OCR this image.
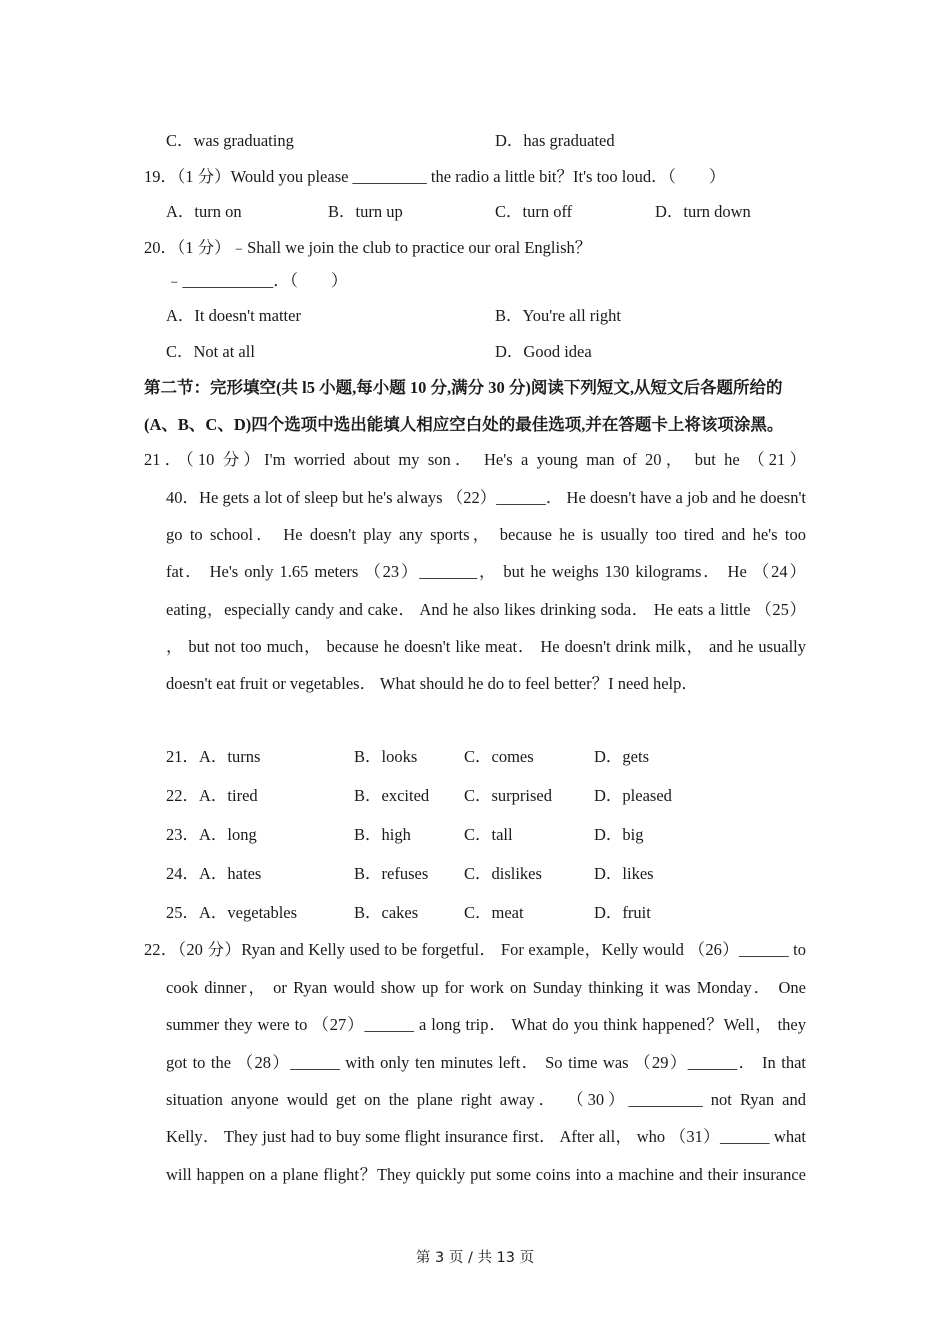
C．was graduating	D．has graduated
19．（1 分）Would you please _________ the radio a little bit？It's too loud．（　　）
A．turn on	B．turn up	C．turn off	D．turn down
20．（1 分）﹣Shall we join the club to practice our oral English？
﹣___________．（　　）
A．It doesn't matter	B．You're all right
C．Not at all	D．Good idea
第二节：完形填空(共 l5 小题,每小题 10 分,满分 30 分)阅读下列短文,从短文后各题所给的
(A、B、C、D)四个选项中选出能填人相应空白处的最佳选项,并在答题卡上将该项涂黑。
21．（10 分）I'm worried about my son． He's a young man of 20， but he （21）
40．He gets a lot of sleep but he's always （22）______． He doesn't have a job and he doesn't
go to school． He doesn't play any sports， because he is usually too tired and he's too
fat． He's only 1.65 meters （23）_______， but he weighs 130 kilograms． He （24）
eating，especially candy and cake． And he also likes drinking soda． He eats a little （25）
， but not too much， because he doesn't like meat． He doesn't drink milk， and he usually
doesn't eat fruit or vegetables． What should he do to feel better？I need help．
21．A．turns	B．looks	C．comes	D．gets
22．A．tired	B．excited C．surprised	D．pleased
23．A．long	B．high	C．tall	D．big
24．A．hates	B．refuses C．dislikes	D．likes
25．A．vegetables	B．cakes	C．meat	D．fruit
22．（20 分）Ryan and Kelly used to be forgetful． For example，Kelly would （26）______ to
cook dinner， or Ryan would show up for work on Sunday thinking it was Monday． One
summer they were to （27）______ a long trip． What do you think happened？Well， they
got to the （28）______ with only ten minutes left． So time was （29）______． In that
situation anyone would get on the plane right away． （30）_________ not Ryan and
Kelly． They just had to buy some flight insurance first． After all， who （31）______ what
will happen on a plane flight？They quickly put some coins into a machine and their insurance
第 3 页 / 共 13 页
